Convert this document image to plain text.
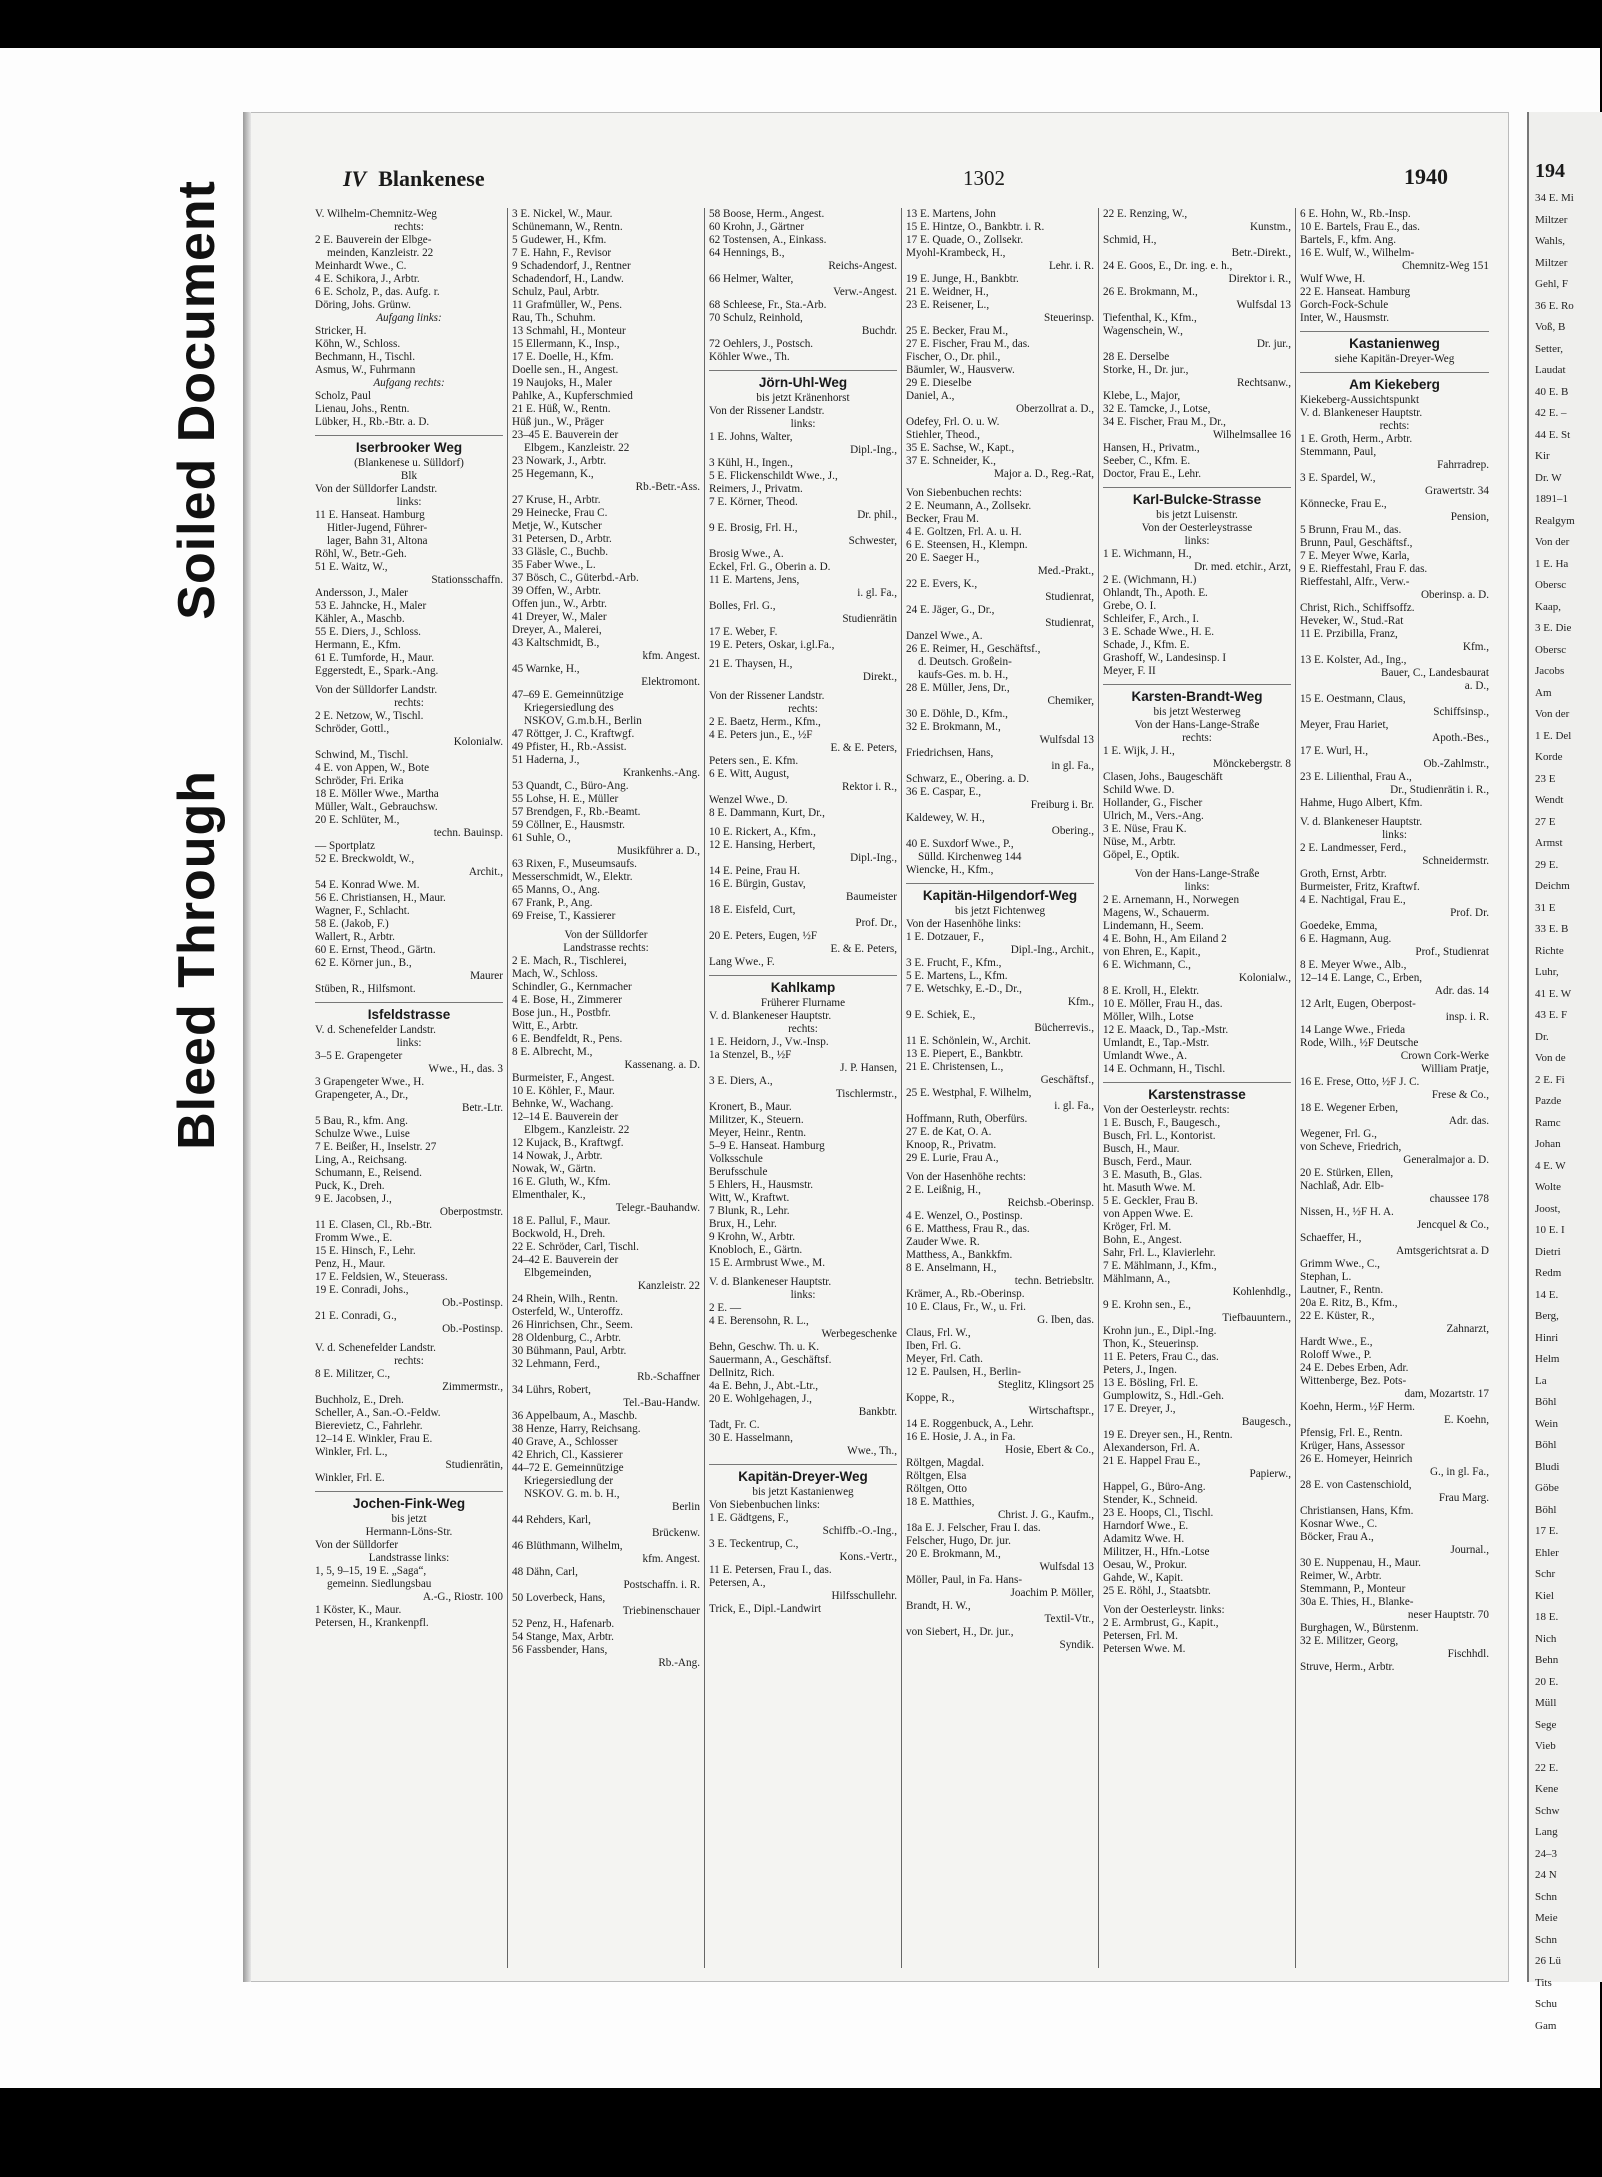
Soiled Document
Bleed Through
IV Blankenese	1302	1940
V. Wilhelm-Chemnitz-Weg
rechts:
2 E. Bauverein der Elbge-
meinden, Kanzleistr. 22
Meinhardt Wwe., C.
4 E. Schikora, J., Arbtr.
6 E. Scholz, P., das. Aufg. r.
Döring, Johs. Grünw.
Aufgang links:
Stricker, H.
Köhn, W., Schloss.
Bechmann, H., Tischl.
Asmus, W., Fuhrmann
Aufgang rechts:
Scholz, Paul
Lienau, Johs., Rentn.
Lübker, H., Rb.-Btr. a. D.
Iserbrooker Weg
(Blankenese u. Sülldorf)
Blk
Von der Sülldorfer Landstr.
links:
11 E. Hanseat. Hamburg
Hitler-Jugend, Führer-
lager, Bahn 31, Altona
Röhl, W., Betr.-Geh.
51 E. Waitz, W.,
Stationsschaffn.
Andersson, J., Maler
53 E. Jahncke, H., Maler
Kähler, A., Maschb.
55 E. Diers, J., Schloss.
Hermann, E., Kfm.
61 E. Tumforde, H., Maur.
Eggerstedt, E., Spark.-Ang.
Von der Sülldorfer Landstr.
rechts:
2 E. Netzow, W., Tischl.
Schröder, Gottl.,
Kolonialw.
Schwind, M., Tischl.
4 E. von Appen, W., Bote
Schröder, Fri. Erika
18 E. Möller Wwe., Martha
Müller, Walt., Gebrauchsw.
20 E. Schlüter, M.,
techn. Bauinsp.
— Sportplatz
52 E. Breckwoldt, W.,
Archit.,
54 E. Konrad Wwe. M.
56 E. Christiansen, H., Maur.
Wagner, F., Schlacht.
58 E. (Jakob, F.)
Wallert, R., Arbtr.
60 E. Ernst, Theod., Gärtn.
62 E. Körner jun., B.,
Maurer
Stüben, R., Hilfsmont.
Isfeldstrasse
V. d. Schenefelder Landstr.
links:
3–5 E. Grapengeter
Wwe., H., das. 3
3 Grapengeter Wwe., H.
Grapengeter, A., Dr.,
Betr.-Ltr.
5 Bau, R., kfm. Ang.
Schulze Wwe., Luise
7 E. Beißer, H., Inselstr. 27
Ling, A., Reichsang.
Schumann, E., Reisend.
Puck, K., Dreh.
9 E. Jacobsen, J.,
Oberpostmstr.
11 E. Clasen, Cl., Rb.-Btr.
Fromm Wwe., E.
15 E. Hinsch, F., Lehr.
Penz, H., Maur.
17 E. Feldsien, W., Steuerass.
19 E. Conradi, Johs.,
Ob.-Postinsp.
21 E. Conradi, G.,
Ob.-Postinsp.
V. d. Schenefelder Landstr.
rechts:
8 E. Militzer, C.,
Zimmermstr.,
Buchholz, E., Dreh.
Scheller, A., San.-O.-Feldw.
Bierevietz, C., Fahrlehr.
12–14 E. Winkler, Frau E.
Winkler, Frl. L.,
Studienrätin,
Winkler, Frl. E.
Jochen-Fink-Weg
bis jetzt
Hermann-Löns-Str.
Von der Sülldorfer
Landstrasse links:
1, 5, 9–15, 19 E. „Saga“,
gemeinn. Siedlungsbau
A.-G., Riostr. 100
1 Köster, K., Maur.
Petersen, H., Krankenpfl.
3 E. Nickel, W., Maur.
Schünemann, W., Rentn.
5 Gudewer, H., Kfm.
7 E. Hahn, F., Revisor
9 Schadendorf, J., Rentner
Schadendorf, H., Landw.
Schulz, Paul, Arbtr.
11 Grafmüller, W., Pens.
Rau, Th., Schuhm.
13 Schmahl, H., Monteur
15 Ellermann, K., Insp.,
17 E. Doelle, H., Kfm.
Doelle sen., H., Angest.
19 Naujoks, H., Maler
Pahlke, A., Kupferschmied
21 E. Hüß, W., Rentn.
Hüß jun., W., Präger
23–45 E. Bauverein der
Elbgem., Kanzleistr. 22
23 Nowark, J., Arbtr.
25 Hegemann, K.,
Rb.-Betr.-Ass.
27 Kruse, H., Arbtr.
29 Heinecke, Frau C.
Metje, W., Kutscher
31 Petersen, D., Arbtr.
33 Gläsle, C., Buchb.
35 Faber Wwe., L.
37 Bösch, C., Güterbd.-Arb.
39 Offen, W., Arbtr.
Offen jun., W., Arbtr.
41 Dreyer, W., Maler
Dreyer, A., Malerei,
43 Kaltschmidt, B.,
kfm. Angest.
45 Warnke, H.,
Elektromont.
47–69 E. Gemeinnützige
Kriegersiedlung des
NSKOV, G.m.b.H., Berlin
47 Röttger, J. C., Kraftwgf.
49 Pfister, H., Rb.-Assist.
51 Haderna, J.,
Krankenhs.-Ang.
53 Quandt, C., Büro-Ang.
55 Lohse, H. E., Müller
57 Brendgen, F., Rb.-Beamt.
59 Cöllner, E., Hausmstr.
61 Suhle, O.,
Musikführer a. D.,
63 Rixen, F., Museumsaufs.
Messerschmidt, W., Elektr.
65 Manns, O., Ang.
67 Frank, P., Ang.
69 Freise, T., Kassierer
Von der Sülldorfer
Landstrasse rechts:
2 E. Mach, R., Tischlerei,
Mach, W., Schloss.
Schindler, G., Kernmacher
4 E. Bose, H., Zimmerer
Bose jun., H., Postbfr.
Witt, E., Arbtr.
6 E. Bendfeldt, R., Pens.
8 E. Albrecht, M.,
Kassenang. a. D.
Burmeister, F., Angest.
10 E. Köhler, F., Maur.
Behnke, W., Wachang.
12–14 E. Bauverein der
Elbgem., Kanzleistr. 22
12 Kujack, B., Kraftwgf.
14 Nowak, J., Arbtr.
Nowak, W., Gärtn.
16 E. Gluth, W., Kfm.
Elmenthaler, K.,
Telegr.-Bauhandw.
18 E. Pallul, F., Maur.
Bockwold, H., Dreh.
22 E. Schröder, Carl, Tischl.
24–42 E. Bauverein der
Elbgemeinden,
Kanzleistr. 22
24 Rhein, Wilh., Rentn.
Osterfeld, W., Unteroffz.
26 Hinrichsen, Chr., Seem.
28 Oldenburg, C., Arbtr.
30 Bühmann, Paul, Arbtr.
32 Lehmann, Ferd.,
Rb.-Schaffner
34 Lührs, Robert,
Tel.-Bau-Handw.
36 Appelbaum, A., Maschb.
38 Henze, Harry, Reichsang.
40 Grave, A., Schlosser
42 Ehrich, Cl., Kassierer
44–72 E. Gemeinnützige
Kriegersiedlung der
NSKOV. G. m. b. H.,
Berlin
44 Rehders, Karl,
Brückenw.
46 Blüthmann, Wilhelm,
kfm. Angest.
48 Dähn, Carl,
Postschaffn. i. R.
50 Loverbeck, Hans,
Triebinenschauer
52 Penz, H., Hafenarb.
54 Stange, Max, Arbtr.
56 Fassbender, Hans,
Rb.-Ang.
58 Boose, Herm., Angest.
60 Krohn, J., Gärtner
62 Tostensen, A., Einkass.
64 Hennings, B.,
Reichs-Angest.
66 Helmer, Walter,
Verw.-Angest.
68 Schleese, Fr., Sta.-Arb.
70 Schulz, Reinhold,
Buchdr.
72 Oehlers, J., Postsch.
Köhler Wwe., Th.
Jörn-Uhl-Weg
bis jetzt Kränenhorst
Von der Rissener Landstr.
links:
1 E. Johns, Walter,
Dipl.-Ing.,
3 Kühl, H., Ingen.,
5 E. Flickenschildt Wwe., J.,
Reimers, J., Privatm.
7 E. Körner, Theod.
Dr. phil.,
9 E. Brosig, Frl. H.,
Schwester,
Brosig Wwe., A.
Eckel, Frl. G., Oberin a. D.
11 E. Martens, Jens,
i. gl. Fa.,
Bolles, Frl. G.,
Studienrätin
17 E. Weber, F.
19 E. Peters, Oskar, i.gl.Fa.,
21 E. Thaysen, H.,
Direkt.,
Von der Rissener Landstr.
rechts:
2 E. Baetz, Herm., Kfm.,
4 E. Peters jun., E., ½F
E. & E. Peters,
Peters sen., E. Kfm.
6 E. Witt, August,
Rektor i. R.,
Wenzel Wwe., D.
8 E. Dammann, Kurt, Dr.,
10 E. Rickert, A., Kfm.,
12 E. Hansing, Herbert,
Dipl.-Ing.,
14 E. Peine, Frau H.
16 E. Bürgin, Gustav,
Baumeister
18 E. Eisfeld, Curt,
Prof. Dr.,
20 E. Peters, Eugen, ½F
E. & E. Peters,
Lang Wwe., F.
Kahlkamp
Früherer Flurname
V. d. Blankeneser Hauptstr.
rechts:
1 E. Heidorn, J., Vw.-Insp.
1a Stenzel, B., ½F
J. P. Hansen,
3 E. Diers, A.,
Tischlermstr.,
Kronert, B., Maur.
Militzer, K., Steuern.
Meyer, Heinr., Rentn.
5–9 E. Hanseat. Hamburg
Volksschule
Berufsschule
5 Ehlers, H., Hausmstr.
Witt, W., Kraftwt.
7 Blunk, R., Lehr.
Brux, H., Lehr.
9 Krohn, W., Arbtr.
Knobloch, E., Gärtn.
15 E. Armbrust Wwe., M.
V. d. Blankeneser Hauptstr.
links:
2 E. —
4 E. Berensohn, R. L.,
Werbegeschenke
Behn, Geschw. Th. u. K.
Sauermann, A., Geschäftsf.
Dellnitz, Rich.
4a E. Behn, J., Abt.-Ltr.,
20 E. Wohlgehagen, J.,
Bankbtr.
Tadt, Fr. C.
30 E. Hasselmann,
Wwe., Th.,
Kapitän-Dreyer-Weg
bis jetzt Kastanienweg
Von Siebenbuchen links:
1 E. Gädtgens, F.,
Schiffb.-O.-Ing.,
3 E. Teckentrup, C.,
Kons.-Vertr.,
11 E. Petersen, Frau I., das.
Petersen, A.,
Hilfsschullehr.
Trick, E., Dipl.-Landwirt
13 E. Martens, John
15 E. Hintze, O., Bankbtr. i. R.
17 E. Quade, O., Zollsekr.
Myohl-Krambeck, H.,
Lehr. i. R.
19 E. Junge, H., Bankbtr.
21 E. Weidner, H.,
23 E. Reisener, L.,
Steuerinsp.
25 E. Becker, Frau M.,
27 E. Fischer, Frau M., das.
Fischer, O., Dr. phil.,
Bäumler, W., Hausverw.
29 E. Dieselbe
Daniel, A.,
Oberzollrat a. D.,
Odefey, Frl. O. u. W.
Stiehler, Theod.,
35 E. Sachse, W., Kapt.,
37 E. Schneider, K.,
Major a. D., Reg.-Rat,
Von Siebenbuchen rechts:
2 E. Neumann, A., Zollsekr.
Becker, Frau M.
4 E. Goltzen, Frl. A. u. H.
6 E. Steensen, H., Klempn.
20 E. Saeger H.,
Med.-Prakt.,
22 E. Evers, K.,
Studienrat,
24 E. Jäger, G., Dr.,
Studienrat,
Danzel Wwe., A.
26 E. Reimer, H., Geschäftsf.,
d. Deutsch. Großein-
kaufs-Ges. m. b. H.,
28 E. Müller, Jens, Dr.,
Chemiker,
30 E. Döhle, D., Kfm.,
32 E. Brokmann, M.,
Wulfsdal 13
Friedrichsen, Hans,
in gl. Fa.,
Schwarz, E., Obering. a. D.
36 E. Caspar, E.,
Freiburg i. Br.
Kaldewey, W. H.,
Obering.,
40 E. Suxdorf Wwe., P.,
Sülld. Kirchenweg 144
Wiencke, H., Kfm.,
Kapitän-Hilgendorf-Weg
bis jetzt Fichtenweg
Von der Hasenhöhe links:
1 E. Dotzauer, F.,
Dipl.-Ing., Archit.,
3 E. Frucht, F., Kfm.,
5 E. Martens, L., Kfm.
7 E. Wetschky, E.-D., Dr.,
Kfm.,
9 E. Schiek, E.,
Bücherrevis.,
11 E. Schönlein, W., Archit.
13 E. Piepert, E., Bankbtr.
21 E. Christensen, L.,
Geschäftsf.,
25 E. Westphal, F. Wilhelm,
i. gl. Fa.,
Hoffmann, Ruth, Oberfürs.
27 E. de Kat, O. A.
Knoop, R., Privatm.
29 E. Lurie, Frau A.,
Von der Hasenhöhe rechts:
2 E. Leißnig, H.,
Reichsb.-Oberinsp.
4 E. Wenzel, O., Postinsp.
6 E. Matthess, Frau R., das.
Zauder Wwe. R.
Matthess, A., Bankkfm.
8 E. Anselmann, H.,
techn. Betriebsltr.
Krämer, A., Rb.-Oberinsp.
10 E. Claus, Fr., W., u. Fri.
G. Iben, das.
Claus, Frl. W.,
Iben, Frl. G.
Meyer, Frl. Cath.
12 E. Paulsen, H., Berlin-
Steglitz, Klingsort 25
Koppe, R.,
Wirtschaftspr.,
14 E. Roggenbuck, A., Lehr.
16 E. Hosie, J. A., in Fa.
Hosie, Ebert & Co.,
Röltgen, Magdal.
Röltgen, Elsa
Röltgen, Otto
18 E. Matthies,
Christ. J. G., Kaufm.,
18a E. J. Felscher, Frau I. das.
Felscher, Hugo, Dr. jur.
20 E. Brokmann, M.,
Wulfsdal 13
Möller, Paul, in Fa. Hans-
Joachim P. Möller,
Brandt, H. W.,
Textil-Vtr.,
von Siebert, H., Dr. jur.,
Syndik.
22 E. Renzing, W.,
Kunstm.,
Schmid, H.,
Betr.-Direkt.,
24 E. Goos, E., Dr. ing. e. h.,
Direktor i. R.,
26 E. Brokmann, M.,
Wulfsdal 13
Tiefenthal, K., Kfm.,
Wagenschein, W.,
Dr. jur.,
28 E. Derselbe
Storke, H., Dr. jur.,
Rechtsanw.,
Klebe, L., Major,
32 E. Tamcke, J., Lotse,
34 E. Fischer, Frau M., Dr.,
Wilhelmsallee 16
Hansen, H., Privatm.,
Seeber, C., Kfm. E.
Doctor, Frau E., Lehr.
Karl-Bulcke-Strasse
bis jetzt Luisenstr.
Von der Oesterleystrasse
links:
1 E. Wichmann, H.,
Dr. med. etchir., Arzt,
2 E. (Wichmann, H.)
Ohlandt, Th., Apoth. E.
Grebe, O. I.
Schleifer, F., Arch., I.
3 E. Schade Wwe., H. E.
Schade, J., Kfm. E.
Grashoff, W., Landesinsp. I
Meyer, F. II
Karsten-Brandt-Weg
bis jetzt Westerweg
Von der Hans-Lange-Straße
rechts:
1 E. Wijk, J. H.,
Mönckebergstr. 8
Clasen, Johs., Baugeschäft
Schild Wwe. D.
Hollander, G., Fischer
Ulrich, M., Vers.-Ang.
3 E. Nüse, Frau K.
Nüse, M., Arbtr.
Göpel, E., Optik.
Von der Hans-Lange-Straße
links:
2 E. Arnemann, H., Norwegen
Magens, W., Schauerm.
Lindemann, H., Seem.
4 E. Bohn, H., Am Eiland 2
von Ehren, E., Kapit.,
6 E. Wichmann, C.,
Kolonialw.,
8 E. Kroll, H., Elektr.
10 E. Möller, Frau H., das.
Möller, Wilh., Lotse
12 E. Maack, D., Tap.-Mstr.
Umlandt, E., Tap.-Mstr.
Umlandt Wwe., A.
14 E. Ochmann, H., Tischl.
Karstenstrasse
Von der Oesterleystr. rechts:
1 E. Busch, F., Baugesch.,
Busch, Frl. L., Kontorist.
Busch, H., Maur.
Busch, Ferd., Maur.
3 E. Masuth, B., Glas.
ht. Masuth Wwe. M.
5 E. Geckler, Frau B.
von Appen Wwe. E.
Kröger, Frl. M.
Bohn, E., Angest.
Sahr, Frl. L., Klavierlehr.
7 E. Mählmann, J., Kfm.,
Mählmann, A.,
Kohlenhdlg.,
9 E. Krohn sen., E.,
Tiefbauuntern.,
Krohn jun., E., Dipl.-Ing.
Thon, K., Steuerinsp.
11 E. Peters, Frau C., das.
Peters, J., Ingen.
13 E. Bösling, Frl. E.
Gumplowitz, S., Hdl.-Geh.
17 E. Dreyer, J.,
Baugesch.,
19 E. Dreyer sen., H., Rentn.
Alexanderson, Frl. A.
21 E. Happel Frau E.,
Papierw.,
Happel, G., Büro-Ang.
Stender, K., Schneid.
23 E. Hoops, Cl., Tischl.
Harndorf Wwe., E.
Adamitz Wwe. H.
Militzer, H., Hfn.-Lotse
Oesau, W., Prokur.
Gahde, W., Kapit.
25 E. Röhl, J., Staatsbtr.
Von der Oesterleystr. links:
2 E. Armbrust, G., Kapit.,
Petersen, Frl. M.
Petersen Wwe. M.
6 E. Hohn, W., Rb.-Insp.
10 E. Bartels, Frau E., das.
Bartels, F., kfm. Ang.
16 E. Wulf, W., Wilhelm-
Chemnitz-Weg 151
Wulf Wwe, H.
22 E. Hanseat. Hamburg
Gorch-Fock-Schule
Inter, W., Hausmstr.
Kastanienweg
siehe Kapitän-Dreyer-Weg
Am Kiekeberg
Kiekeberg-Aussichtspunkt
V. d. Blankeneser Hauptstr.
rechts:
1 E. Groth, Herm., Arbtr.
Stemmann, Paul,
Fahrradrep.
3 E. Spardel, W.,
Grawertstr. 34
Könnecke, Frau E.,
Pension,
5 Brunn, Frau M., das.
Brunn, Paul, Geschäftsf.,
7 E. Meyer Wwe, Karla,
9 E. Rieffestahl, Frau F. das.
Rieffestahl, Alfr., Verw.-
Oberinsp. a. D.
Christ, Rich., Schiffsoffz.
Heveker, W., Stud.-Rat
11 E. Przibilla, Franz,
Kfm.,
13 E. Kolster, Ad., Ing.,
Bauer, C., Landesbaurat
a. D.,
15 E. Oestmann, Claus,
Schiffsinsp.,
Meyer, Frau Hariet,
Apoth.-Bes.,
17 E. Wurl, H.,
Ob.-Zahlmstr.,
23 E. Lilienthal, Frau A.,
Dr., Studienrätin i. R.,
Hahme, Hugo Albert, Kfm.
V. d. Blankeneser Hauptstr.
links:
2 E. Landmesser, Ferd.,
Schneidermstr.
Groth, Ernst, Arbtr.
Burmeister, Fritz, Kraftwf.
4 E. Nachtigal, Frau E.,
Prof. Dr.
Goedeke, Emma,
6 E. Hagmann, Aug.
Prof., Studienrat
8 E. Meyer Wwe., Alb.,
12–14 E. Lange, C., Erben,
Adr. das. 14
12 Arlt, Eugen, Oberpost-
insp. i. R.
14 Lange Wwe., Frieda
Rode, Wilh., ½F Deutsche
Crown Cork-Werke
William Pratje,
16 E. Frese, Otto, ½F J. C.
Frese & Co.,
18 E. Wegener Erben,
Adr. das.
Wegener, Frl. G.,
von Scheve, Friedrich,
Generalmajor a. D.
20 E. Stürken, Ellen,
Nachlaß, Adr. Elb-
chaussee 178
Nissen, H., ½F H. A.
Jencquel & Co.,
Schaeffer, H.,
Amtsgerichtsrat a. D
Grimm Wwe., C.,
Stephan, L.
Lautner, F., Rentn.
20a E. Ritz, B., Kfm.,
22 E. Küster, R.,
Zahnarzt,
Hardt Wwe., E.,
Roloff Wwe., P.
24 E. Debes Erben, Adr.
Wittenberge, Bez. Pots-
dam, Mozartstr. 17
Koehn, Herm., ½F Herm.
E. Koehn,
Pfensig, Frl. E., Rentn.
Krüger, Hans, Assessor
26 E. Homeyer, Heinrich
G., in gl. Fa.,
28 E. von Castenschiold,
Frau Marg.
Christiansen, Hans, Kfm.
Kosnar Wwe., C.
Böcker, Frau A.,
Journal.,
30 E. Nuppenau, H., Maur.
Reimer, W., Arbtr.
Stemmann, P., Monteur
30a E. Thies, H., Blanke-
neser Hauptstr. 70
Burghagen, W., Bürstenm.
32 E. Militzer, Georg,
Fischhdl.
Struve, Herm., Arbtr.
194
34 E. Mi
Miltzer
Wahls,
Miltzer
Gehl, F
36 E. Ro
Voß, B
Setter,
Laudat
40 E. B
42 E. –
44 E. St
Kir
Dr. W
1891–1
Realgym
Von der
1 E. Ha
Obersc
Kaap,
3 E. Die
Obersc
Jacobs
Am
Von der
1 E. Del
Korde
23 E
Wendt
27 E
Armst
29 E.
Deichm
31 E
33 E. B
Richte
Luhr,
41 E. W
43 E. F
Dr.
Von de
2 E. Fi
Pazde
Ramc
Johan
4 E. W
Wolte
Joost,
10 E. I
Dietri
Redm
14 E.
Berg,
Hinri
Helm
La
Böhl
Wein
Böhl
Bludi
Göbe
Böhl
17 E.
Ehler
Schr
Kiel
18 E.
Nich
Behn
20 E.
Müll
Sege
Vieb
22 E.
Kene
Schw
Lang
24–3
24 N
Schn
Meie
Schn
26 Lü
Tits
Schu
Gam
